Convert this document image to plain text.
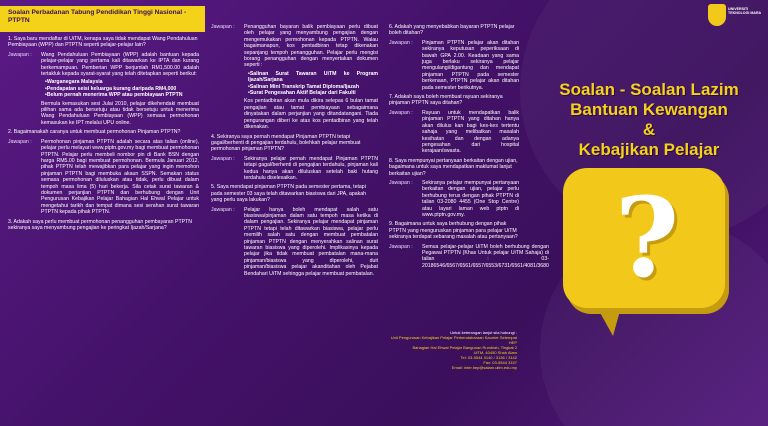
Soalan Perbadanan Tabung Pendidikan Tinggi Nasional - PTPTN
1. Saya baru mendaftar di UiTM, kenapa saya tidak mendapat Wang Pendahuluan Pembiayaan (WPP) dan PTPTN seperti pelajar-pelajar lain?
Jawapan :	Wang Pendahuluan Pembiayaan (WPP) adalah bantuan kepada pelajar-pelajar yang pertama kali ditawarkan ke IPTA dan kurang berkemampuan. Pemberian WPP berjumlah RM1,500.00 adalah tertakluk kepada syarat-syarat yang telah ditetapkan seperti berikut:
• Warganegara Malaysia
• Pendapatan seisi keluarga kurang daripada RM4,000
• Belum pernah menerima WPP atau pembiayaan PTPTN
Bermula kemasukan sesi Julai 2010, pelajar dikehendaki membuat pilihan sama ada bersetuju atau tidak bersetuju untuk menerima Wang Pendahuluan Pembiayaan (WPP) semasa permohonan kemasukan ke IPT melalui UPU online.
2. Bagaimanakah caranya untuk membuat permohonan Pinjaman PTPTN?
Jawapan :	Permohonan pinjaman PTPTN adalah secara atas talian (online), pelajar perlu melayari www.ptptn.gov.my bagi membuat permohonan PTPTN. Pelajar perlu membeli nombor pin di Bank BSN dengan harga RM5.00 bagi membuat permohonan. Bermula Januari 2012, pihak PTPTN telah mewajibkan para pelajar yang ingin memohon pinjaman PTPTN bagi membuka akaun SSPN. Semakan status semasa permohonan diluluskan atau tidak, perlu dibuat dalam tempoh masa lima (5) hari bekerja. Sila cetak surat tawaran & dokumen perjanjian PTPTN dan berhubung dengan Unit Pengurusan Kebajikan Pelajar Bahagian Hal Ehwal Pelajar untuk mengetahui tarikh dan tempat dimana sesi serahan surat tawaran PTPTN kepada pihak PTPTN.
3. Adakah saya perlu membuat permohonan penangguhan pembayaran PTPTN sekiranya saya menyambung pengajian ke peringkat Ijazah/Sarjana?
Jawapan :	Penangguhan bayaran balik pembiayaan perlu dibuat oleh pelajar yang menyambung pengajian dengan mengemukakan permohonan kepada PTPTN. Walau bagaimanapun, kos pentadbiran tetap dikenakan sepanjang tempoh penangguhan. Pelajar perlu mengisi borang penangguhan dengan menyertakan dokumen seperti :
• Salinan Surat Tawaran UiTM ke Program Ijazah/Sarjana
• Salinan Mini Transkrip Tamat Diploma/Ijazah
• Surat Pengesahan Aktif Belajar dari Fakulti
Kos pentadbiran akan mula dikira selepas 6 bulan tamat pengajian atau tamat pembiayaan sebagaimana dinyatakan dalam perjanjian yang ditandatangani. Tiada pengurangan diberi ke atas kos pentadbiran yang telah dikenakan.
4. Sekiranya saya pernah mendapat Pinjaman PTPTN tetapi gagal/berhenti di pengajian terdahulu, bolehkah pelajar membuat permohonan pinjaman PTPTN?
Jawapan :	Sekiranya pelajar pernah mendapat Pinjaman PTPTN tetapi gagal/berhenti di pengajian terdahulu, pinjaman kali kedua hanya akan diluluskan setelah baki hutang terdahulu diselesaikan.
5. Saya mendapat pinjaman PTPTN pada semester pertama, tetapi pada semester 03 saya telah ditawarkan biasiswa dari JPA, apakah yang perlu saya lakukan?
Jawapan :	Pelajar hanya boleh mendapat salah satu biasiswa/pinjaman dalam satu tempoh masa ketika di dalam pengajian. Sekiranya pelajar mendapat pinjaman PTPTN tetapi telah ditawarkan biasiswa, pelajar perlu memilih salah satu dengan membuat pembatalan pinjaman PTPTN dengan menyerahkan salinan surat tawaran biasiswa yang diperolehi. Implikasinya kepada pelajar jika tidak membuat pembatalan mana-mana pinjaman/biasiswa yang diperolehi, duit pinjaman/biasiswa pelajar akanditahan oleh Pejabat Bendahari UiTM sehingga pelajar membuat pembatalan.
6. Adakah yang menyebabkan bayaran PTPTN pelajar boleh ditahan?
Jawapan :	Pinjaman PTPTN pelajar akan ditahan sekiranya keputusan peperiksaan di bawah GPA 2.00. Keadaan yang sama juga berlaku sekiranya pelajar mengulangi/digantung dan mendapat pinjaman PTPTN pada semester berkenaan, PTPTN pelajar akan ditahan pada semester berikutnya.
7. Adakah saya boleh membuat rayuan sekiranya pinjaman PTPTN saya ditahan?
Jawapan :	Rayuan untuk mendapatkan balik pinjaman PTPTN yang ditahan hanya akan dilulus kan bagi kes-kes tertentu sahaja yang melibatkan masalah kesihatan dan dengan adanya pengesahan dari hospital kerajaan/swasta.
8. Saya mempunyai pertanyaan berkaitan dengan ujian, bagaimana untuk saya mendapatkan maklumat lanjut berkaitan ujian?
Jawapan :	Sekiranya pelajar mempunyai pertanyaan berkaitan dengan ujian, pelajar perlu berhubung terus dengan pihak PTPTN di talian 03-2080 4455 (One Stop Centre) atau layari laman web ptptn di www.ptptn.gov.my.
9. Bagaimana untuk saya berhubung dengan pihak PTPTN yang menguruskan pinjaman para pelajar UiTM sekiranya terdapat sebarang masalah atau pertanyaan?
Jawapan :	Semua pelajar-pelajar UiTM boleh berhubung dengan Pegawai PTPTN (Khas Untuk pelajar UiTM Sahaja) di talian : 03-20186546/6567/6561/6557/6553/6731/6561/4081/3680
Untuk keterangan lanjut sila hubungi :
Unit Pengurusan Kebajikan Pelajar Perbendaharaan Kaunter Setempat HEP
Bahagian Hal Ehwal Pelajar Bangunan Rumbiah, Tingkat 2
UiTM, 40450 Shah Alam
Tel: 03-5544 3140 / 3136 / 3142
Fax: 03-5544 3157
Email: inter.hep@salam.uitm.edu.my
UNIVERSITI TEKNOLOGI MARA
Soalan - Soalan Lazim
Bantuan Kewangan
&
Kebajikan Pelajar
?
